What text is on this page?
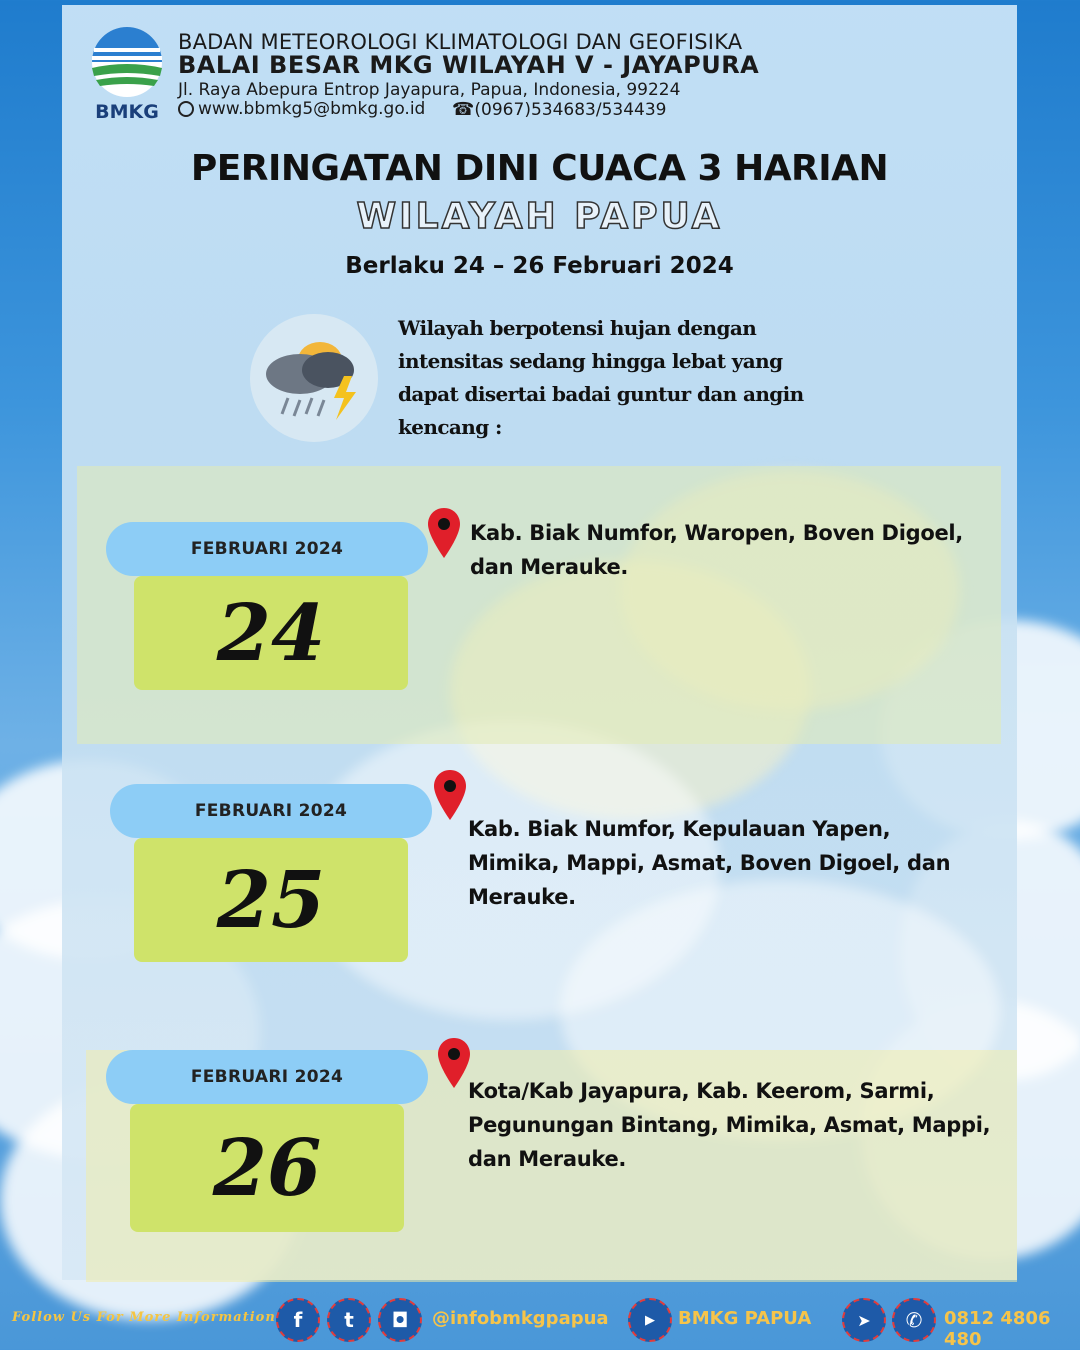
BMKG
BADAN METEOROLOGI KLIMATOLOGI DAN GEOFISIKA
BALAI BESAR MKG WILAYAH V - JAYAPURA
Jl. Raya Abepura Entrop Jayapura, Papua, Indonesia, 99224
www.bbmkg5@bmkg.go.id ☎(0967)534683/534439
PERINGATAN DINI CUACA 3 HARIAN
WILAYAH PAPUA
Berlaku 24 – 26 Februari 2024
Wilayah berpotensi hujan dengan intensitas sedang hingga lebat yang dapat disertai badai guntur dan angin kencang :
FEBRUARI 2024
24
Kab. Biak Numfor, Waropen, Boven Digoel,
dan Merauke.
FEBRUARI 2024
25
Kab. Biak Numfor, Kepulauan Yapen,
Mimika, Mappi, Asmat, Boven Digoel, dan
Merauke.
FEBRUARI 2024
26
Kota/Kab Jayapura, Kab. Keerom, Sarmi,
Pegunungan Bintang, Mimika, Asmat, Mappi,
dan Merauke.
Follow Us For More Information f	t	◘	@infobmkgpapua	▶	BMKG PAPUA	➤	✆	0812 4806 480
